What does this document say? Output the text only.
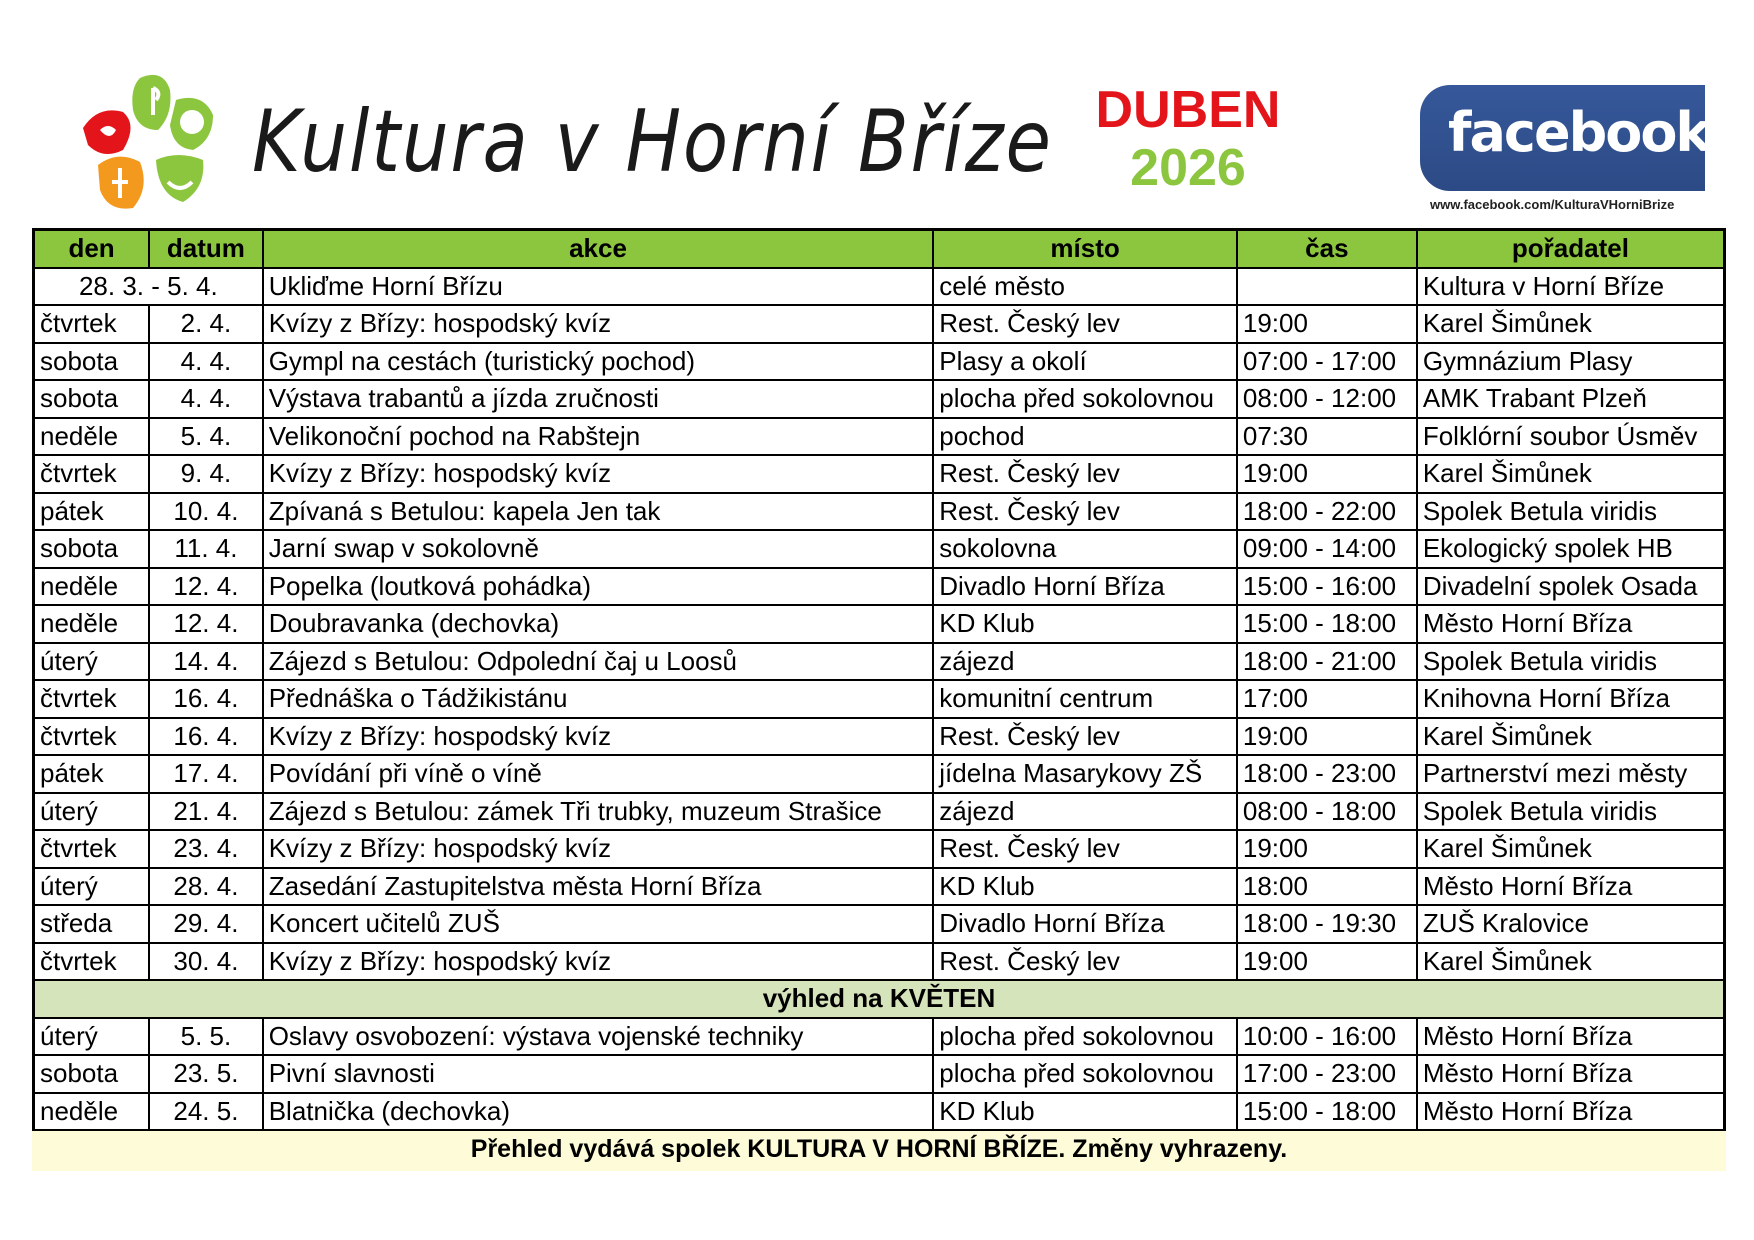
Kultura v Horní Bříze DUBEN
2026
facebook®
www.facebook.com/KulturaVHorniBrize
den	datum	akce	místo	čas	pořadatel
28. 3. - 5. 4.		Ukliďme Horní Břízu	celé město		Kultura v Horní Bříze
čtvrtek	2. 4.	Kvízy z Břízy: hospodský kvíz	Rest. Český lev	19:00	Karel Šimůnek
sobota	4. 4.	Gympl na cestách (turistický pochod)	Plasy a okolí	07:00 - 17:00	Gymnázium Plasy
sobota	4. 4.	Výstava trabantů a jízda zručnosti	plocha před sokolovnou	08:00 - 12:00	AMK Trabant Plzeň
neděle	5. 4.	Velikonoční pochod na Rabštejn	pochod	07:30	Folklórní soubor Úsměv
čtvrtek	9. 4.	Kvízy z Břízy: hospodský kvíz	Rest. Český lev	19:00	Karel Šimůnek
pátek	10. 4.	Zpívaná s Betulou: kapela Jen tak	Rest. Český lev	18:00 - 22:00	Spolek Betula viridis
sobota	11. 4.	Jarní swap v sokolovně	sokolovna	09:00 - 14:00	Ekologický spolek HB
neděle	12. 4.	Popelka (loutková pohádka)	Divadlo Horní Bříza	15:00 - 16:00	Divadelní spolek Osada
neděle	12. 4.	Doubravanka (dechovka)	KD Klub	15:00 - 18:00	Město Horní Bříza
úterý	14. 4.	Zájezd s Betulou: Odpolední čaj u Loosů	zájezd	18:00 - 21:00	Spolek Betula viridis
čtvrtek	16. 4.	Přednáška o Tádžikistánu	komunitní centrum	17:00	Knihovna Horní Bříza
čtvrtek	16. 4.	Kvízy z Břízy: hospodský kvíz	Rest. Český lev	19:00	Karel Šimůnek
pátek	17. 4.	Povídání při víně o víně	jídelna Masarykovy ZŠ	18:00 - 23:00	Partnerství mezi městy
úterý	21. 4.	Zájezd s Betulou: zámek Tři trubky, muzeum Strašice	zájezd	08:00 - 18:00	Spolek Betula viridis
čtvrtek	23. 4.	Kvízy z Břízy: hospodský kvíz	Rest. Český lev	19:00	Karel Šimůnek
úterý	28. 4.	Zasedání Zastupitelstva města Horní Bříza	KD Klub	18:00	Město Horní Bříza
středa	29. 4.	Koncert učitelů ZUŠ	Divadlo Horní Bříza	18:00 - 19:30	ZUŠ Kralovice
čtvrtek	30. 4.	Kvízy z Břízy: hospodský kvíz	Rest. Český lev	19:00	Karel Šimůnek
výhled na KVĚTEN					
úterý	5. 5.	Oslavy osvobození: výstava vojenské techniky	plocha před sokolovnou	10:00 - 16:00	Město Horní Bříza
sobota	23. 5.	Pivní slavnosti	plocha před sokolovnou	17:00 - 23:00	Město Horní Bříza
neděle	24. 5.	Blatnička (dechovka)	KD Klub	15:00 - 18:00	Město Horní Bříza
Přehled vydává spolek KULTURA V HORNÍ BŘÍZE. Změny vyhrazeny.
